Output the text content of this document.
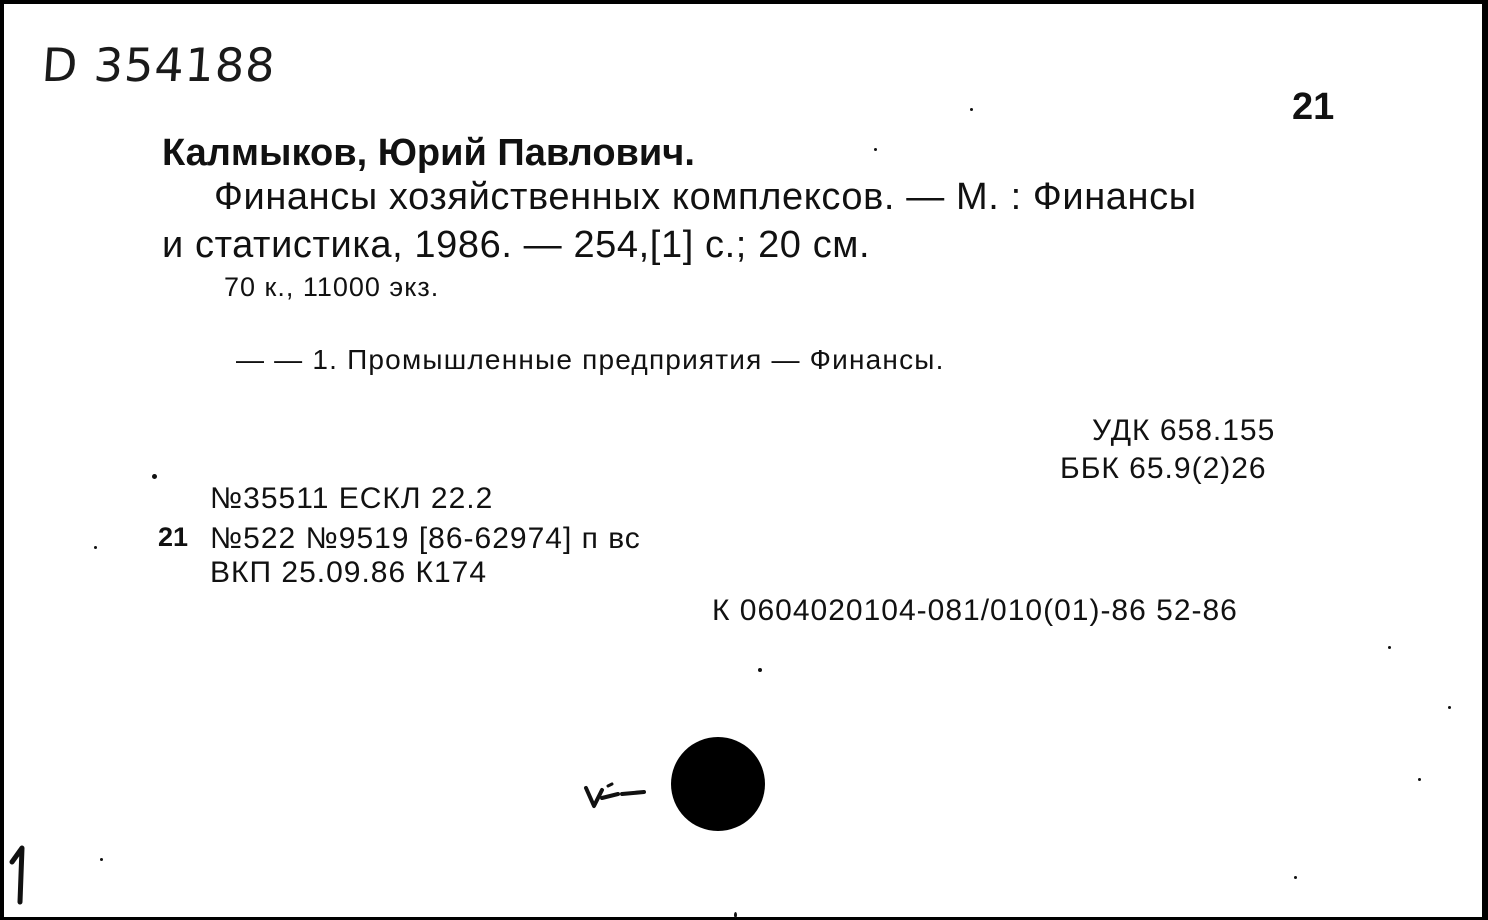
D 354188
21
Калмыков, Юрий Павлович.
Финансы хозяйственных комплексов. — М. : Финансы
и статистика, 1986. — 254,[1] с.; 20 см.
70 к., 11000 экз.
— — 1. Промышленные предприятия — Финансы.
УДК 658.155
ББК 65.9(2)26
№35511 ЕСКЛ 22.2
21 №522 №9519 [86-62974] п вс
ВКП 25.09.86 К174
К 0604020104-081/010(01)-86 52-86
